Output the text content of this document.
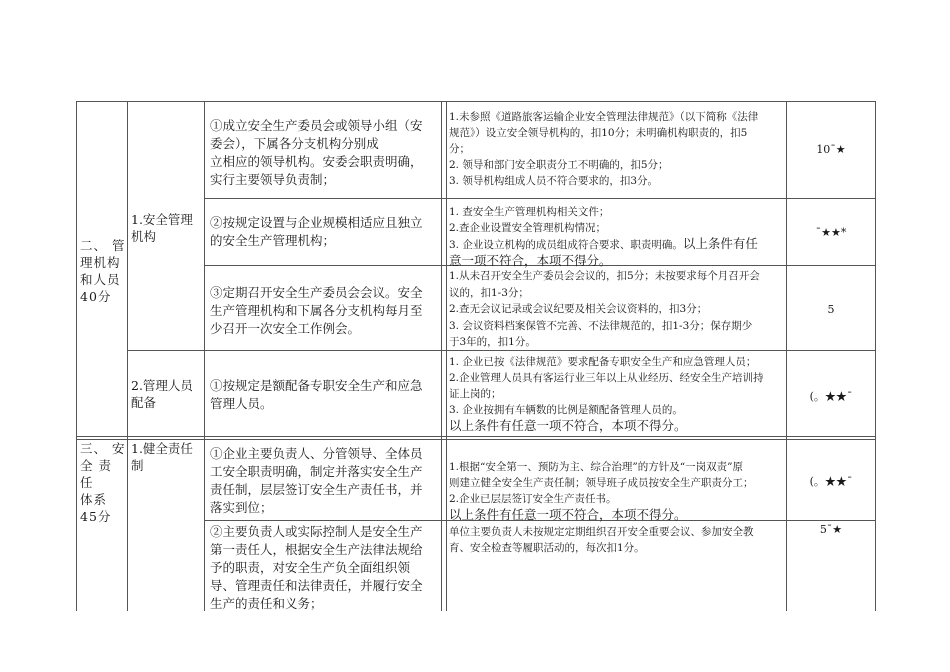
二、 管
理机构
和人员
40分
1.安全管理
机构
①成立安全生产委员会或领导小组（安
委会），下属各分支机构分别成
立相应的领导机构。安委会职责明确，
实行主要领导负责制；
1.未参照《道路旅客运输企业安全管理法律规范》（以下简称《法律
规范》）设立安全领导机构的，扣10分；未明确机构职责的，扣5
分；
2. 领导和部门安全职责分工不明确的，扣5分；
3. 领导机构组成人员不符合要求的，扣3分。
10ˉ★
②按规定设置与企业规模相适应且独立
的安全生产管理机构；
1. 查安全生产管理机构相关文件；
2.查企业设置安全管理机构情况；
3. 企业设立机构的成员组成符合要求、职责明确。以上条件有任
意一项不符合，本项不得分。
ˉ★★*
③定期召开安全生产委员会会议。安全
生产管理机构和下属各分支机构每月至
少召开一次安全工作例会。
1.从未召开安全生产委员会会议的，扣5分；未按要求每个月召开会
议的，扣1-3分；
2.查无会议记录或会议纪要及相关会议资料的，扣3分；
3. 会议资料档案保管不完善、不法律规范的，扣1-3分；保存期少
于3年的，扣1分。
5
2.管理人员
配备
①按规定是额配备专职安全生产和应急
管理人员。
1. 企业已按《法律规范》要求配备专职安全生产和应急管理人员；
2.企业管理人员具有客运行业三年以上从业经历、经安全生产培训持
证上岗的；
3. 企业按拥有车辆数的比例是额配备管理人员的。
以上条件有任意一项不符合，本项不得分。
(。★★ˉ
三、 安
全 责 任
体系
45分
1.健全责任
制
①企业主要负责人、分管领导、全体员
工安全职责明确，制定并落实安全生产
责任制，层层签订安全生产责任书，并
落实到位；
1.根据“安全第一、预防为主、综合治理”的方针及“一岗双责”原
则建立健全安全生产责任制；领导班子成员按安全生产职责分工；
2.企业已层层签订安全生产责任书。
以上条件有任意一项不符合，本项不得分。
(。★★ˉ
②主要负责人或实际控制人是安全生产
第一责任人，根据安全生产法律法规给
予的职责，对安全生产负全面组织领
导、管理责任和法律责任，并履行安全
生产的责任和义务；
单位主要负责人未按规定定期组织召开安全重要会议、参加安全教
育、安全检查等履职活动的，每次扣1分。
5ˉ★
